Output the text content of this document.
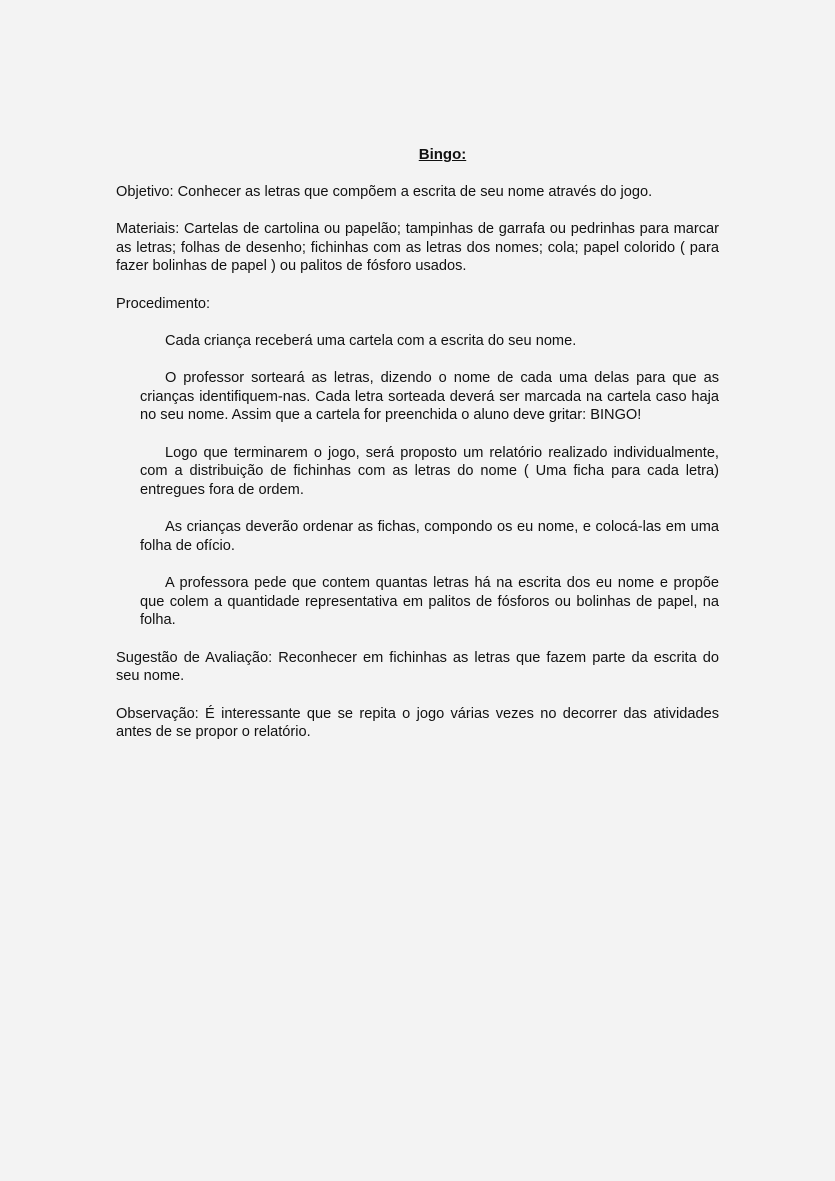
Bingo:

Objetivo: Conhecer as letras que compõem a escrita de seu nome através do jogo.

Materiais: Cartelas de cartolina ou papelão; tampinhas de garrafa ou pedrinhas para marcar as letras; folhas de desenho; fichinhas com as letras dos nomes; cola; papel colorido ( para fazer bolinhas de papel ) ou palitos de fósforo usados.

Procedimento:

Cada criança receberá uma cartela com a escrita do seu nome.

O professor sorteará as letras, dizendo o nome de cada uma delas para que as crianças identifiquem-nas. Cada letra sorteada deverá ser marcada na cartela caso haja no seu nome. Assim que a cartela for preenchida o aluno deve gritar: BINGO!

Logo que terminarem o jogo, será proposto um relatório realizado individualmente, com a distribuição de fichinhas com as letras do nome ( Uma ficha para cada letra) entregues fora de ordem.

As crianças deverão ordenar as fichas, compondo os eu nome, e colocá-las em uma folha de ofício.

A professora pede que contem quantas letras há na escrita dos eu nome e propõe que colem a quantidade representativa em palitos de fósforos ou bolinhas de papel, na folha.

Sugestão de Avaliação: Reconhecer em fichinhas as letras que fazem parte da escrita do seu nome.

Observação: É interessante que se repita o jogo várias vezes no decorrer das atividades antes de se propor o relatório.
